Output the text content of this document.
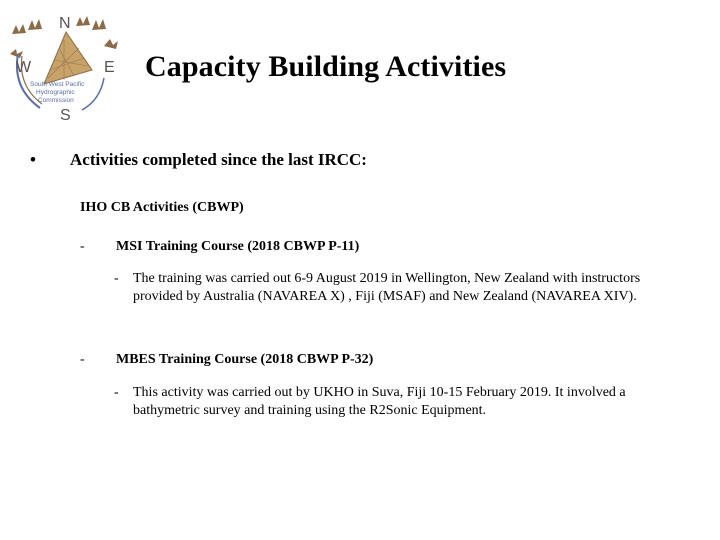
N
W	E
S
South West Pacific
Hydrographic
Commission
Capacity Building Activities
• Activities completed since the last IRCC:
IHO CB Activities (CBWP)
- MSI Training Course (2018 CBWP P-11)
- The training was carried out 6-9 August 2019 in Wellington, New Zealand with instructors provided by Australia (NAVAREA X) , Fiji (MSAF) and New Zealand (NAVAREA XIV).
- MBES Training Course (2018 CBWP P-32)
- This activity was carried out by UKHO in Suva, Fiji 10-15 February 2019. It involved a bathymetric survey and training using the R2Sonic Equipment.
